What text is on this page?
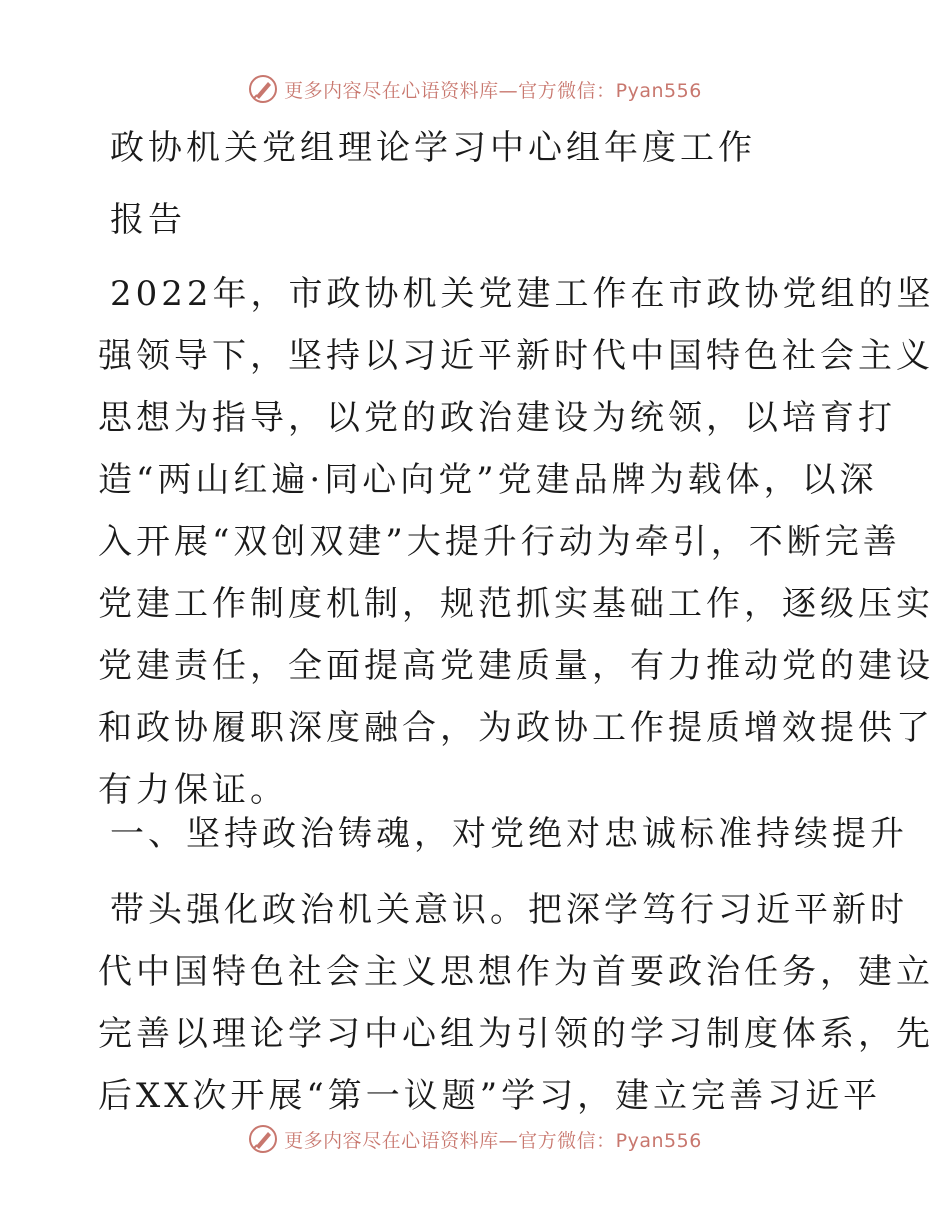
更多内容尽在心语资料库—官方微信：Pyan556
政协机关党组理论学习中心组年度工作
报告
2022年，市政协机关党建工作在市政协党组的坚
强领导下，坚持以习近平新时代中国特色社会主义
思想为指导，以党的政治建设为统领，以培育打
造“两山红遍·同心向党”党建品牌为载体，以深
入开展“双创双建”大提升行动为牵引，不断完善
党建工作制度机制，规范抓实基础工作，逐级压实
党建责任，全面提高党建质量，有力推动党的建设
和政协履职深度融合，为政协工作提质增效提供了
有力保证。
一、坚持政治铸魂，对党绝对忠诚标准持续提升
带头强化政治机关意识。把深学笃行习近平新时
代中国特色社会主义思想作为首要政治任务，建立
完善以理论学习中心组为引领的学习制度体系，先
后XX次开展“第一议题”学习，建立完善习近平
更多内容尽在心语资料库—官方微信：Pyan556
